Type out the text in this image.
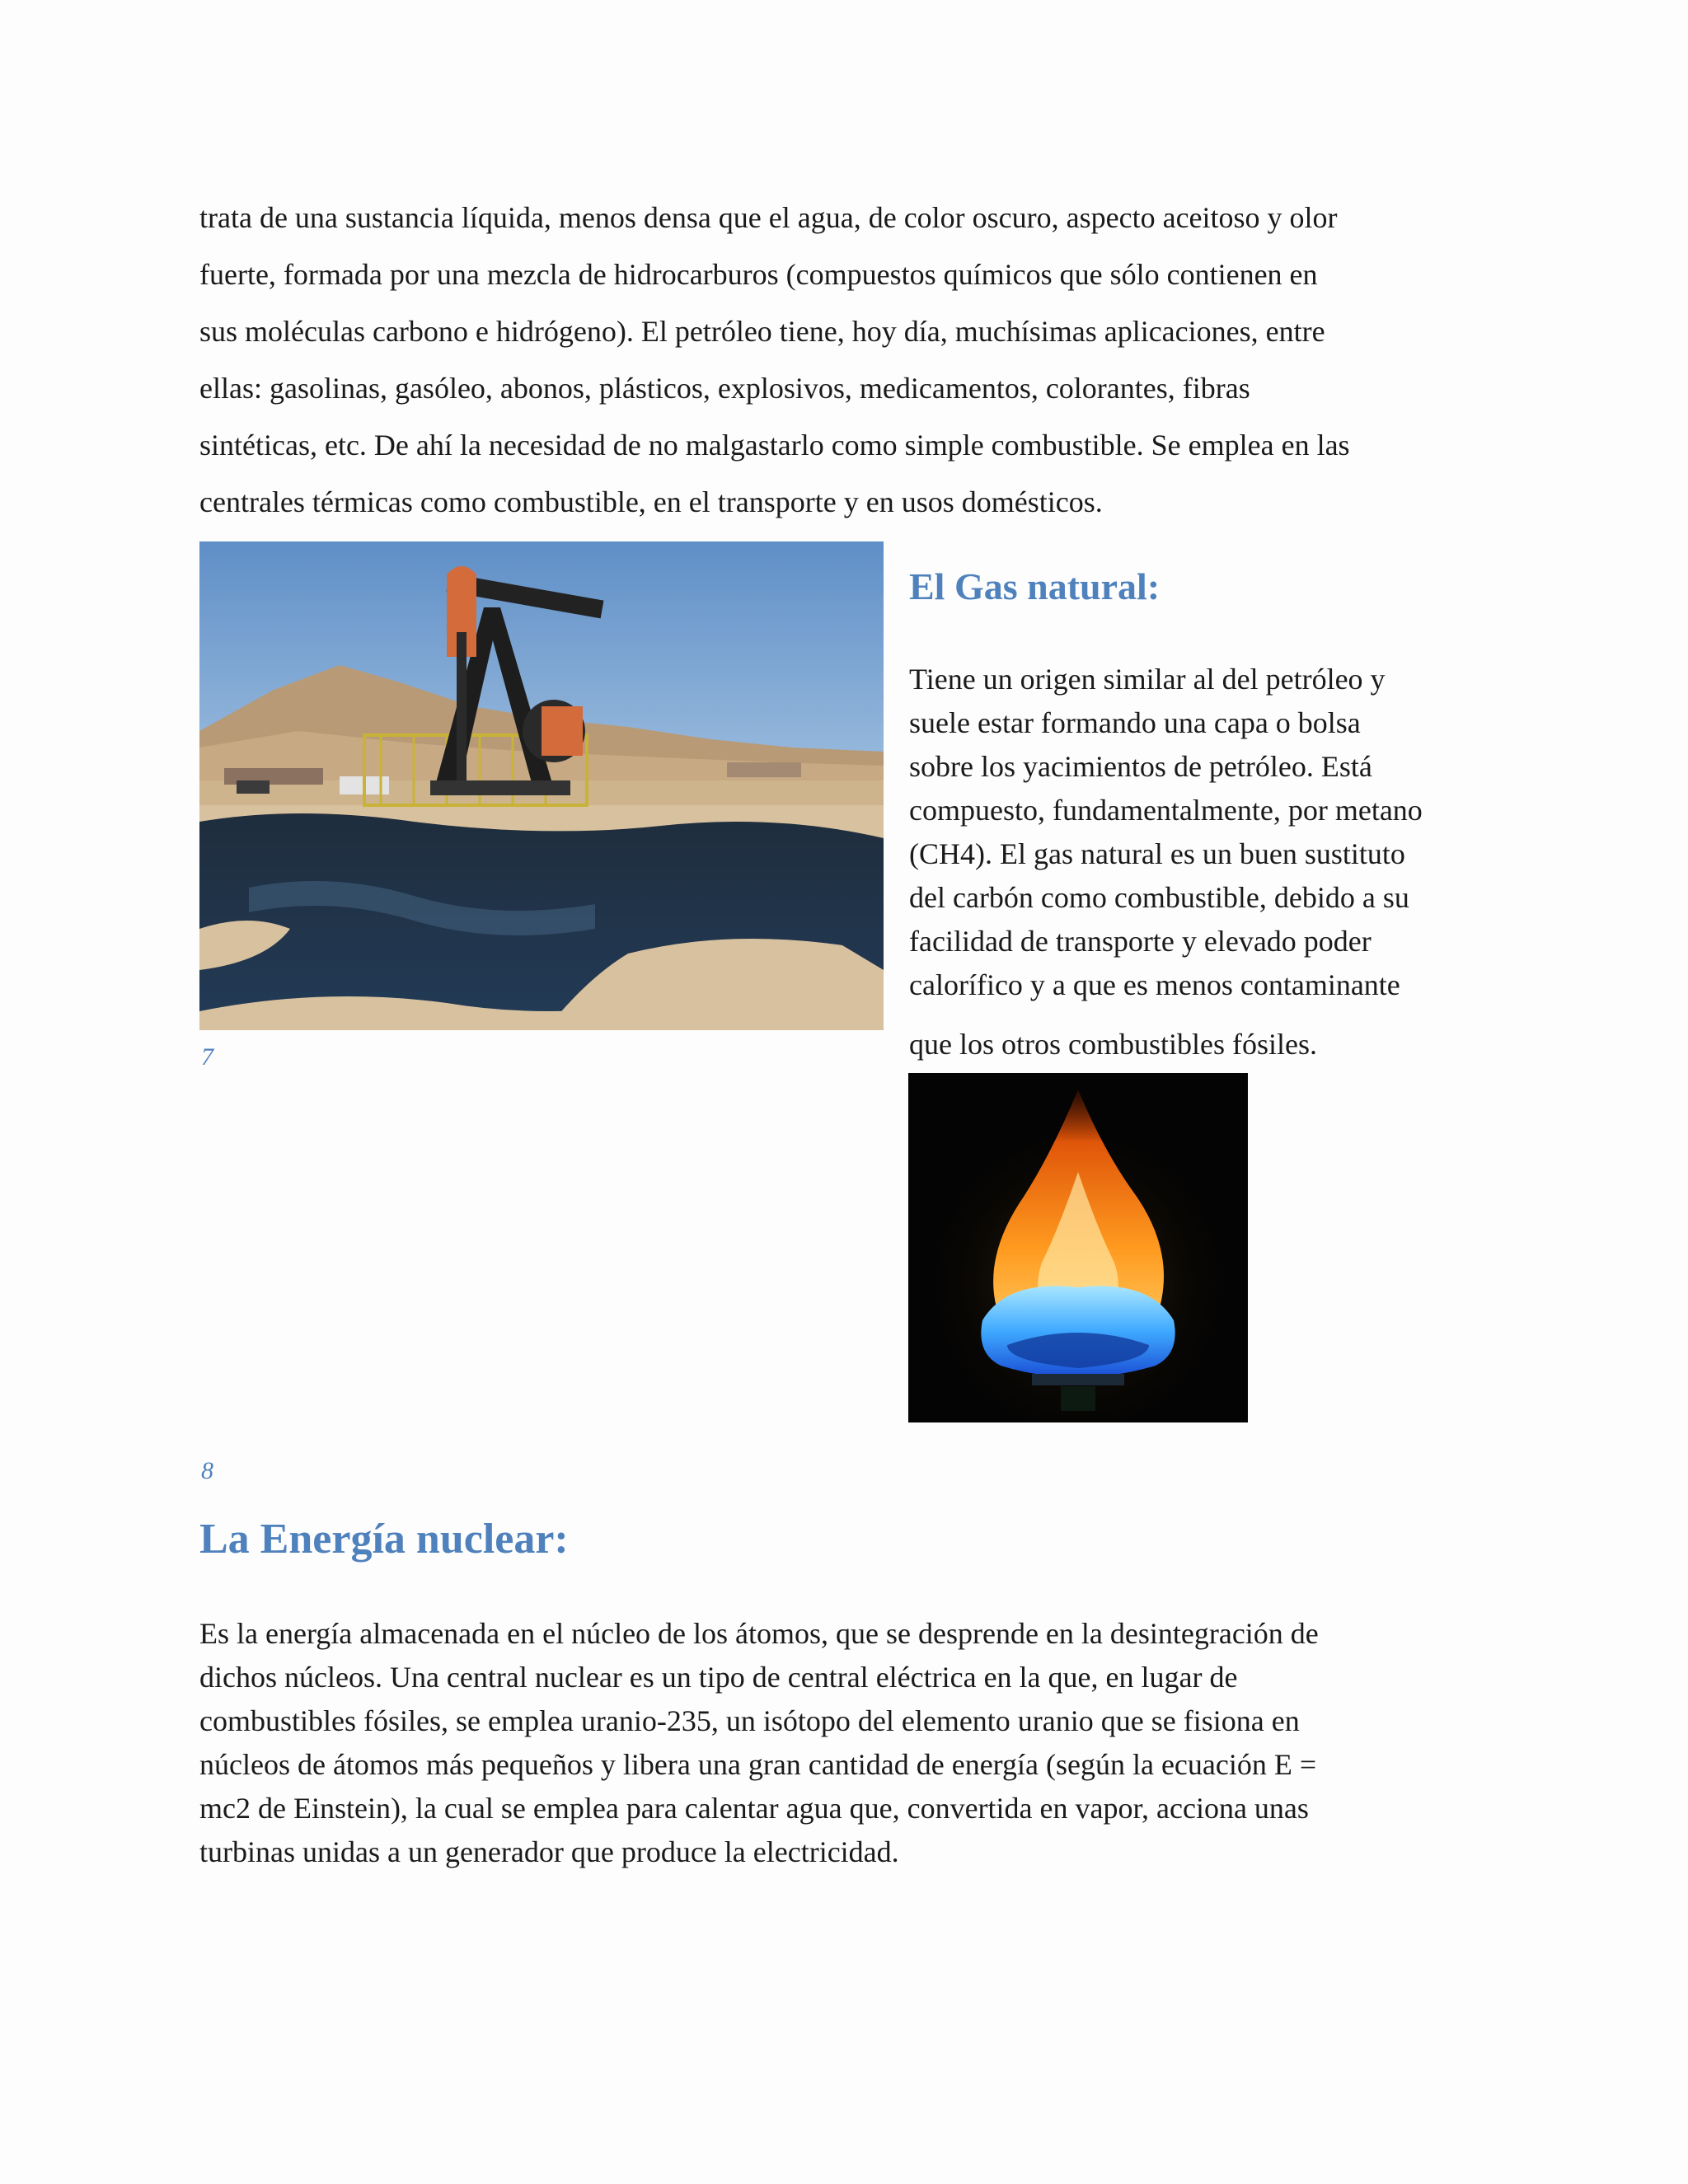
trata de una sustancia líquida, menos densa que el agua, de color oscuro, aspecto aceitoso y olor
fuerte, formada por una mezcla de hidrocarburos (compuestos químicos que sólo contienen en
sus moléculas carbono e hidrógeno). El petróleo tiene, hoy día, muchísimas aplicaciones, entre
ellas: gasolinas, gasóleo, abonos, plásticos, explosivos, medicamentos, colorantes, fibras
sintéticas, etc. De ahí la necesidad de no malgastarlo como simple combustible. Se emplea en las
centrales térmicas como combustible, en el transporte y en usos domésticos.
7
El Gas natural:
Tiene un origen similar al del petróleo y
suele estar formando una capa o bolsa
sobre los yacimientos de petróleo. Está
compuesto, fundamentalmente, por metano
(CH4). El gas natural es un buen sustituto
del carbón como combustible, debido a su
facilidad de transporte y elevado poder
calorífico y a que es menos contaminante
que los otros combustibles fósiles.
8
La Energía nuclear:
Es la energía almacenada en el núcleo de los átomos, que se desprende en la desintegración de
dichos núcleos. Una central nuclear es un tipo de central eléctrica en la que, en lugar de
combustibles fósiles, se emplea uranio-235, un isótopo del elemento uranio que se fisiona en
núcleos de átomos más pequeños y libera una gran cantidad de energía (según la ecuación E =
mc2 de Einstein), la cual se emplea para calentar agua que, convertida en vapor, acciona unas
turbinas unidas a un generador que produce la electricidad.
